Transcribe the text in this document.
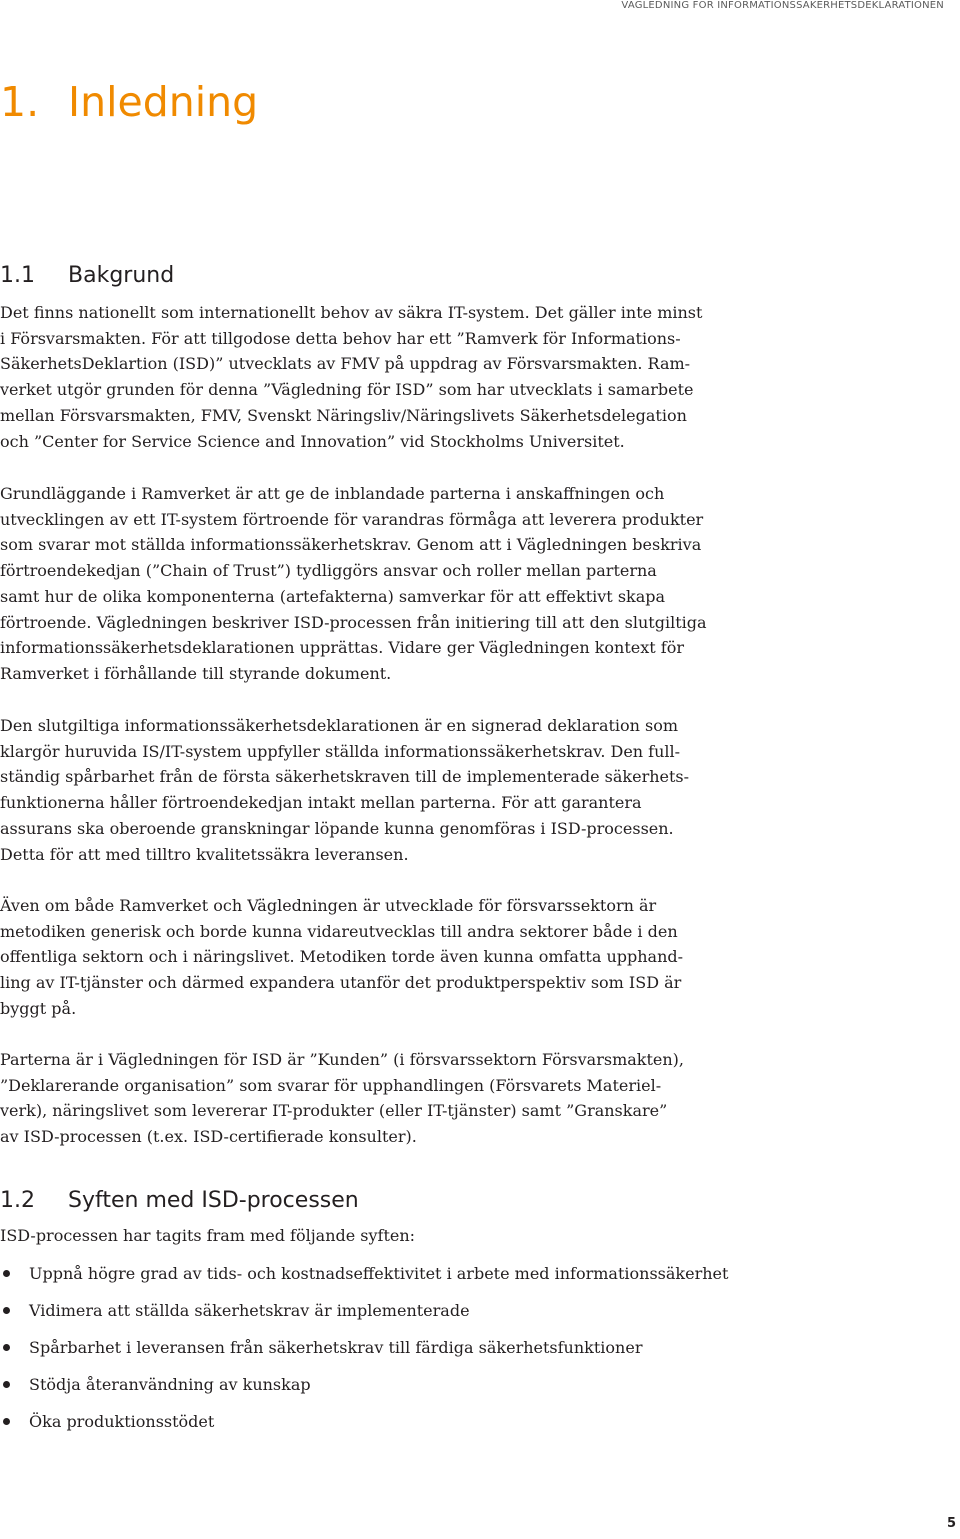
VÄGLEDNING FÖR INFORMATIONSSÄKERHETSDEKLARATIONEN
1. Inledning
1.1 Bakgrund
Det finns nationellt som internationellt behov av säkra IT-system. Det gäller inte minst
i Försvarsmakten. För att tillgodose detta behov har ett ”Ramverk för Informations-
SäkerhetsDeklartion (ISD)” utvecklats av FMV på uppdrag av Försvarsmakten. Ram-
verket utgör grunden för denna ”Vägledning för ISD” som har utvecklats i samarbete
mellan Försvarsmakten, FMV, Svenskt Näringsliv/Näringslivets Säkerhetsdelegation
och ”Center for Service Science and Innovation” vid Stockholms Universitet.
Grundläggande i Ramverket är att ge de inblandade parterna i anskaffningen och
utvecklingen av ett IT-system förtroende för varandras förmåga att leverera produkter
som svarar mot ställda informationssäkerhetskrav. Genom att i Vägledningen beskriva
förtroendekedjan (”Chain of Trust”) tydliggörs ansvar och roller mellan parterna
samt hur de olika komponenterna (artefakterna) samverkar för att effektivt skapa
förtroende. Vägledningen beskriver ISD-processen från initiering till att den slutgiltiga
informationssäkerhetsdeklarationen upprättas. Vidare ger Vägledningen kontext för
Ramverket i förhållande till styrande dokument.
Den slutgiltiga informationssäkerhetsdeklarationen är en signerad deklaration som
klargör huruvida IS/IT-system uppfyller ställda informationssäkerhetskrav. Den full-
ständig spårbarhet från de första säkerhetskraven till de implementerade säkerhets-
funktionerna håller förtroendekedjan intakt mellan parterna. För att garantera
assurans ska oberoende granskningar löpande kunna genomföras i ISD-processen.
Detta för att med tilltro kvalitetssäkra leveransen.
Även om både Ramverket och Vägledningen är utvecklade för försvarssektorn är
metodiken generisk och borde kunna vidareutvecklas till andra sektorer både i den
offentliga sektorn och i näringslivet. Metodiken torde även kunna omfatta upphand-
ling av IT-tjänster och därmed expandera utanför det produktperspektiv som ISD är
byggt på.
Parterna är i Vägledningen för ISD är ”Kunden” (i försvarssektorn Försvarsmakten),
”Deklarerande organisation” som svarar för upphandlingen (Försvarets Materiel-
verk), näringslivet som levererar IT-produkter (eller IT-tjänster) samt ”Granskare”
av ISD-processen (t.ex. ISD-certifierade konsulter).
1.2 Syften med ISD-processen
ISD-processen har tagits fram med följande syften:
Uppnå högre grad av tids- och kostnadseffektivitet i arbete med informationssäkerhet
Vidimera att ställda säkerhetskrav är implementerade
Spårbarhet i leveransen från säkerhetskrav till färdiga säkerhetsfunktioner
Stödja återanvändning av kunskap
Öka produktionsstödet
5
